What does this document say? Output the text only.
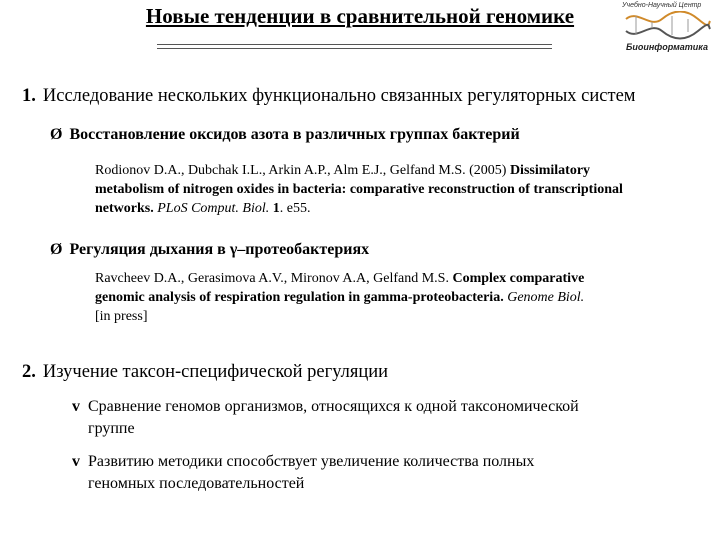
Новые тенденции в сравнительной геномике	Учебно-Научный Центр
Биоинформатика
1. Исследование нескольких функционально связанных регуляторных систем
Ø Восстановление оксидов азота в различных группах бактерий
Rodionov D.A., Dubchak I.L., Arkin A.P., Alm E.J., Gelfand M.S. (2005) Dissimilatory
metabolism of nitrogen oxides in bacteria: comparative reconstruction of transcriptional
networks. PLoS Comput. Biol. 1. e55.
Ø Регуляция дыхания в γ–протеобактериях
Ravcheev D.A., Gerasimova A.V., Mironov A.A, Gelfand M.S. Complex comparative
genomic analysis of respiration regulation in gamma-proteobacteria. Genome Biol.
[in press]
2. Изучение таксон-специфической регуляции
v Сравнение геномов организмов, относящихся к одной таксономической
группе
v Развитию методики способствует увеличение количества полных
геномных последовательностей
